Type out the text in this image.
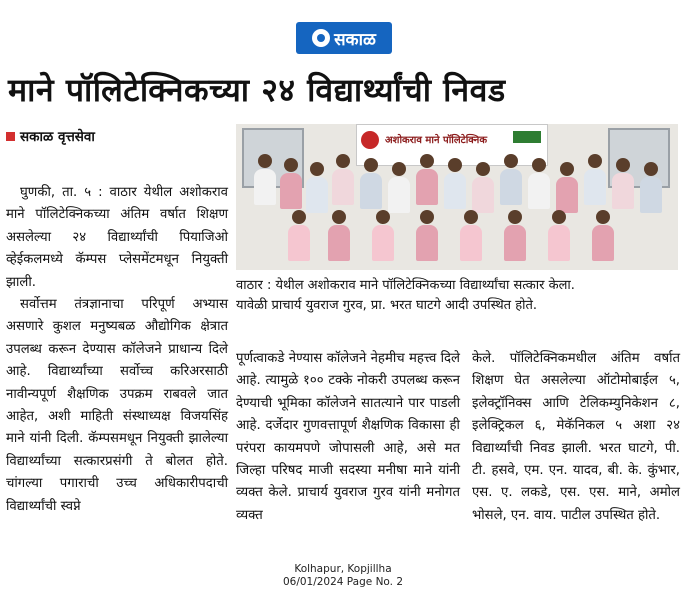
सकाळ
माने पॉलिटेक्निकच्या २४ विद्यार्थ्यांची निवड
सकाळ वृत्तसेवा

घुणकी, ता. ५ : वाठार येथील अशोकराव माने पॉलिटेक्निकच्या अंतिम वर्षात शिक्षण असलेल्या २४ विद्यार्थ्यांची पियाजिओ व्हेईकलमध्ये कॅम्पस प्लेसमेंटमधून नियुक्ती झाली.

सर्वोत्तम तंत्रज्ञानाचा परिपूर्ण अभ्यास असणारे कुशल मनुष्यबळ औद्योगिक क्षेत्रात उपलब्ध करून देण्यास कॉलेजने प्राधान्य दिले आहे. विद्यार्थ्यांच्या सर्वोच्च करिअरसाठी नावीन्यपूर्ण शैक्षणिक उपक्रम राबवले जात आहेत, अशी माहिती संस्थाध्यक्ष विजयसिंह माने यांनी दिली. कॅम्पसमधून नियुक्ती झालेल्या विद्यार्थ्यांच्या सत्कारप्रसंगी ते बोलत होते. चांगल्या पगाराची उच्च अधिकारीपदाची विद्यार्थ्यांची स्वप्ने

अशोकराव माने पॉलिटेक्निक
वाठार : येथील अशोकराव माने पॉलिटेक्निकच्या विद्यार्थ्यांचा सत्कार केला.
यावेळी प्राचार्य युवराज गुरव, प्रा. भरत घाटगे आदी उपस्थित होते.

पूर्णत्वाकडे नेण्यास कॉलेजने नेहमीच महत्त्व दिले आहे. त्यामुळे १०० टक्के नोकरी उपलब्ध करून देण्याची भूमिका कॉलेजने सातत्याने पार पाडली आहे. दर्जेदार गुणवत्तापूर्ण शैक्षणिक विकासा ही परंपरा कायमपणे जोपासली आहे, असे मत जिल्हा परिषद माजी सदस्या मनीषा माने यांनी व्यक्त केले. प्राचार्य युवराज गुरव यांनी मनोगत व्यक्त

केले. पॉलिटेक्निकमधील अंतिम वर्षात शिक्षण घेत असलेल्या ऑटोमोबाईल ५, इलेक्ट्रॉनिक्स आणि टेलिकम्युनिकेशन ८, इलेक्ट्रिकल ६, मेकॅनिकल ५ अशा २४ विद्यार्थ्यांची निवड झाली. भरत घाटगे, पी. टी. हसवे, एम. एन. यादव, बी. के. कुंभार, एस. ए. लकडे, एस. एस. माने, अमोल भोसले, एन. वाय. पाटील उपस्थित होते.

Kolhapur, Kopjillha
06/01/2024 Page No. 2
